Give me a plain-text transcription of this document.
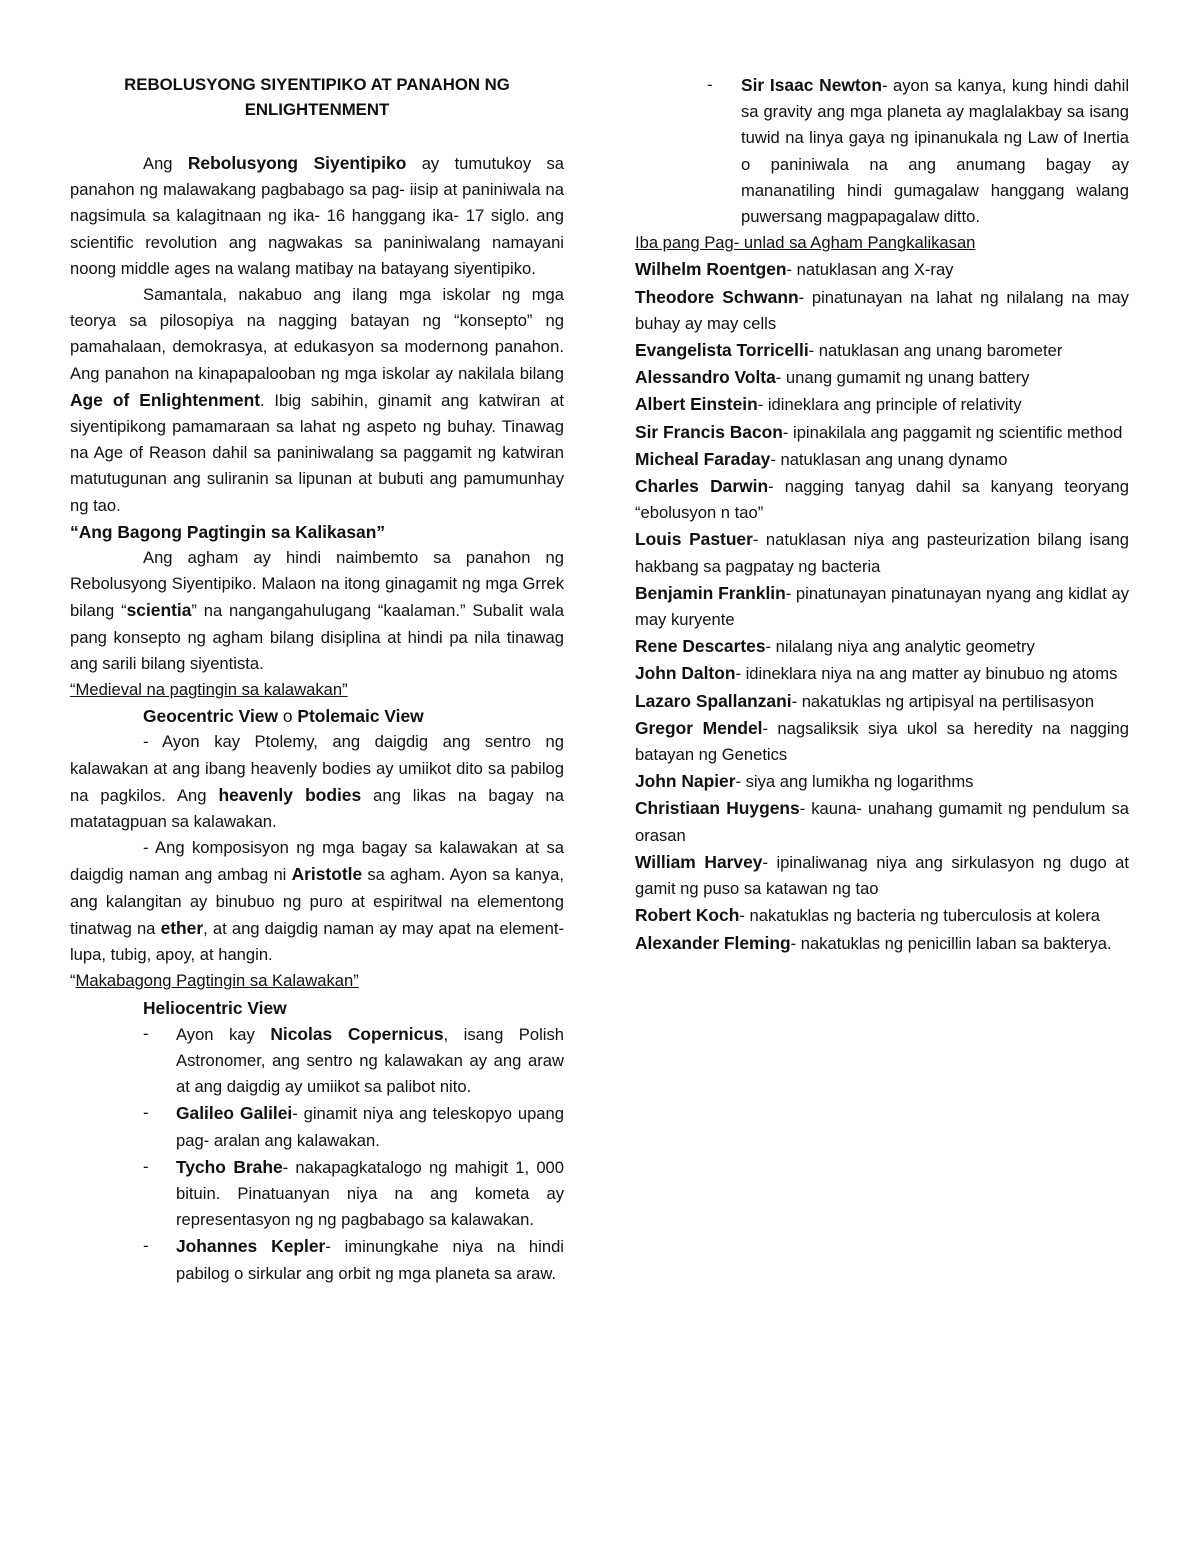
REBOLUSYONG SIYENTIPIKO AT PANAHON NG
ENLIGHTENMENT

Ang Rebolusyong Siyentipiko ay tumutukoy sa panahon ng malawakang pagbabago sa pag- iisip at paniniwala na nagsimula sa kalagitnaan ng ika- 16 hanggang ika- 17 siglo. ang scientific revolution ang nagwakas sa paniniwalang namayani noong middle ages na walang matibay na batayang siyentipiko.

Samantala, nakabuo ang ilang mga iskolar ng mga teorya sa pilosopiya na nagging batayan ng “konsepto” ng pamahalaan, demokrasya, at edukasyon sa modernong panahon. Ang panahon na kinapapalooban ng mga iskolar ay nakilala bilang Age of Enlightenment. Ibig sabihin, ginamit ang katwiran at siyentipikong pamamaraan sa lahat ng aspeto ng buhay. Tinawag na Age of Reason dahil sa paniniwalang sa paggamit ng katwiran matutugunan ang suliranin sa lipunan at bubuti ang pamumunhay ng tao.

“Ang Bagong Pagtingin sa Kalikasan”

Ang agham ay hindi naimbemto sa panahon ng Rebolusyong Siyentipiko. Malaon na itong ginagamit ng mga Grrek bilang “scientia” na nangangahulugang “kaalaman.” Subalit wala pang konsepto ng agham bilang disiplina at hindi pa nila tinawag ang sarili bilang siyentista.

“Medieval na pagtingin sa kalawakan”

Geocentric View o Ptolemaic View

- Ayon kay Ptolemy, ang daigdig ang sentro ng kalawakan at ang ibang heavenly bodies ay umiikot dito sa pabilog na pagkilos. Ang heavenly bodies ang likas na bagay na matatagpuan sa kalawakan.

- Ang komposisyon ng mga bagay sa kalawakan at sa daigdig naman ang ambag ni Aristotle sa agham. Ayon sa kanya, ang kalangitan ay binubuo ng puro at espiritwal na elementong tinatwag na ether, at ang daigdig naman ay may apat na element- lupa, tubig, apoy, at hangin.

“Makabagong Pagtingin sa Kalawakan”

Heliocentric View

- Ayon kay Nicolas Copernicus, isang Polish Astronomer, ang sentro ng kalawakan ay ang araw at ang daigdig ay umiikot sa palibot nito.
- Galileo Galilei- ginamit niya ang teleskopyo upang pag- aralan ang kalawakan.
- Tycho Brahe- nakapagkatalogo ng mahigit 1, 000 bituin. Pinatuanyan niya na ang kometa ay representasyon ng ng pagbabago sa kalawakan.
- Johannes Kepler- iminungkahe niya na hindi pabilog o sirkular ang orbit ng mga planeta sa araw.
- Sir Isaac Newton- ayon sa kanya, kung hindi dahil sa gravity ang mga planeta ay maglalakbay sa isang tuwid na linya gaya ng ipinanukala ng Law of Inertia o paniniwala na ang anumang bagay ay mananatiling hindi gumagalaw hanggang walang puwersang magpapagalaw ditto.

Iba pang Pag- unlad sa Agham Pangkalikasan

Wilhelm Roentgen- natuklasan ang X-ray

Theodore Schwann- pinatunayan na lahat ng nilalang na may buhay ay may cells

Evangelista Torricelli- natuklasan ang unang barometer

Alessandro Volta- unang gumamit ng unang battery

Albert Einstein- idineklara ang principle of relativity

Sir Francis Bacon- ipinakilala ang paggamit ng scientific method

Micheal Faraday- natuklasan ang unang dynamo

Charles Darwin- nagging tanyag dahil sa kanyang teoryang “ebolusyon n tao”

Louis Pastuer- natuklasan niya ang pasteurization bilang isang hakbang sa pagpatay ng bacteria

Benjamin Franklin- pinatunayan pinatunayan nyang ang kidlat ay may kuryente

Rene Descartes- nilalang niya ang analytic geometry

John Dalton- idineklara niya na ang matter ay binubuo ng atoms

Lazaro Spallanzani- nakatuklas ng artipisyal na pertilisasyon

Gregor Mendel- nagsaliksik siya ukol sa heredity na nagging batayan ng Genetics

John Napier- siya ang lumikha ng logarithms

Christiaan Huygens- kauna- unahang gumamit ng pendulum sa orasan

William Harvey- ipinaliwanag niya ang sirkulasyon ng dugo at gamit ng puso sa katawan ng tao

Robert Koch- nakatuklas ng bacteria ng tuberculosis at kolera

Alexander Fleming- nakatuklas ng penicillin laban sa bakterya.
